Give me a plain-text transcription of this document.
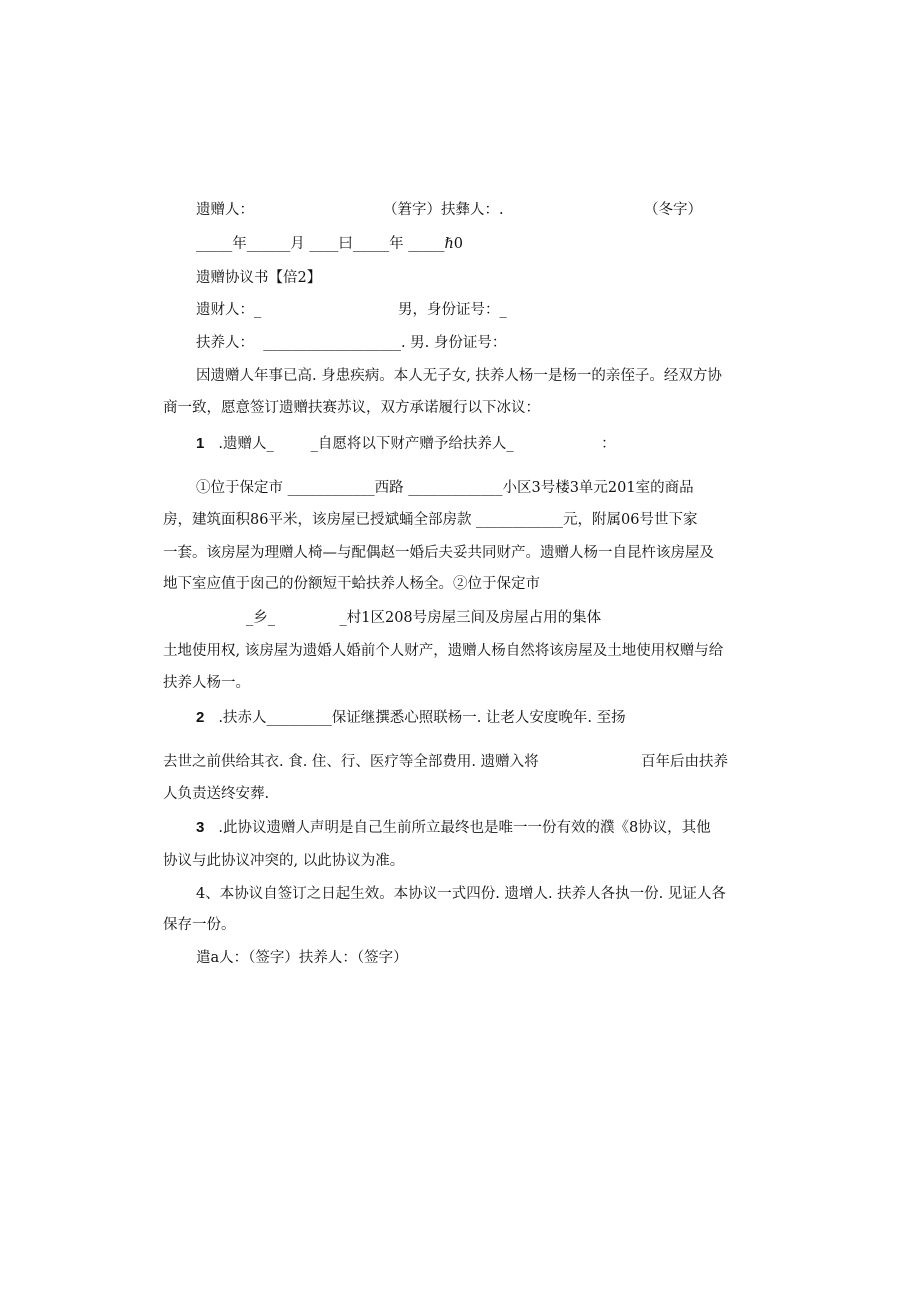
遗赠人：	（䇹字）扶彝人：.	（冬字）
_____年______月 ____曰_____年 _____ℏ0
遗赠协议书【倍2】
遗财人：_	男，身份证号：_
扶养人：  ___________________. 男. 身份证号：
因遗赠人年事已高. 身患疾病。本人无子女, 扶养人杨一是杨一的亲侄子。经双方协
商一致，愿意签订遗赠扶赛苏议，双方承诺履行以下冰议：
1 .遗赠人_        _自愿将以下财产赠予给扶养人_                   ：
①位于保定市 ____________西路 _____________小区3号楼3单元201室的商品
房，建筑面积86平米，该房屋已授斌蛹全部房款 ____________元，附属06号世下家
一套。该房屋为理赠人椅—与配偶赵一婚后夫妥共同财产。遗赠人杨一自昆杵该房屋及
地下室应值于囱己的份额短干蛤扶养人杨全。②位于保定市
_乡_              _村1区208号房屋三间及房屋占用的集体
土地使用权, 该房屋为遗婚人婚前个人财产，遗赠人杨自然将该房屋及土地使用权赠与给
扶养人杨一。
2 .扶赤人_________保证继撰悉心照联杨一. 让老人安度晚年. 至扬
去世之前供给其衣. 食. 住、行、医疗等全部费用. 遗赠入将	百年后由扶养
人负责送终安葬.
3 .此协议遗赠人声明是自己生前所立最终也是唯一一份有效的濮《8协议，其他
协议与此协议冲突的, 以此协议为准。
4、本协议自签订之日起生效。本协议一式四份. 遗增人. 扶养人各执一份. 见证人各
保存一份。
遣a人：（签字）扶养人：（签字）
